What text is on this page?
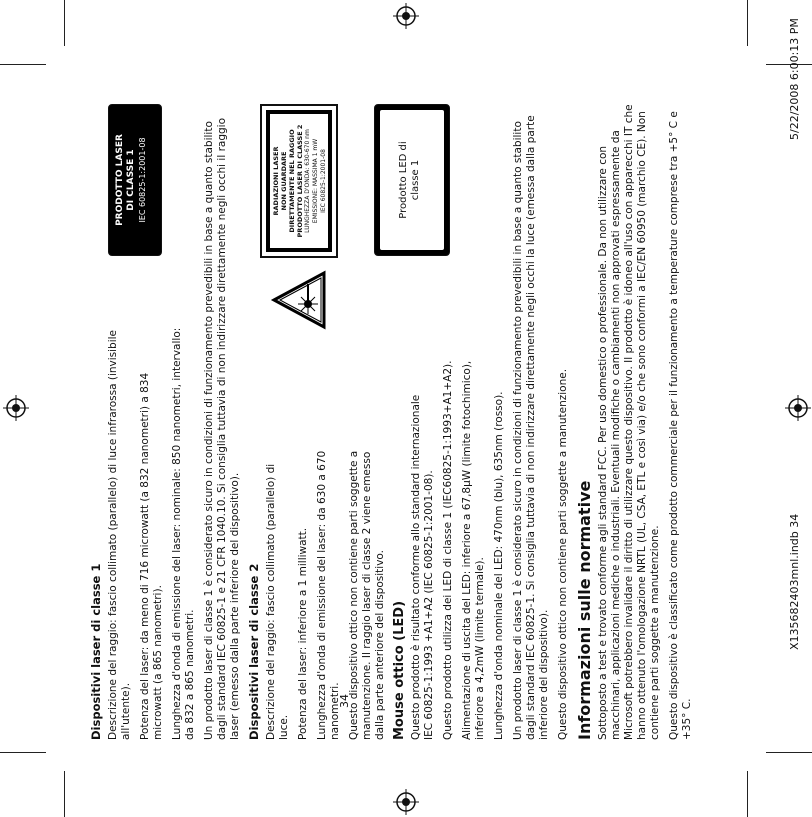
34
Dispositivi laser di classe 1 Descrizione del raggio: fascio collimato (parallelo) di luce infrarossa (invisibile all'utente). Potenza del laser: da meno di 716 microwatt (a 832 nanometri) a 834 microwatt (a 865 nanometri). Lunghezza d'onda di emissione del laser: nominale: 850 nanometri, intervallo: da 832 a 865 nanometri. Un prodotto laser di classe 1 è considerato sicuro in condizioni di funzionamento prevedibili in base a quanto stabilito dagli standard IEC 60825-1 e 21 CFR 1040.10. Si consiglia tuttavia di non indirizzare direttamente negli occhi il raggio laser (emesso dalla parte inferiore del dispositivo). Dispositivi laser di classe 2 Descrizione del raggio: fascio collimato (parallelo) di luce. Potenza del laser: inferiore a 1 milliwatt. Lunghezza d'onda di emissione del laser: da 630 a 670 nanometri. Questo dispositivo ottico non contiene parti soggette a manutenzione. Il raggio laser di classe 2 viene emesso dalla parte anteriore del dispositivo. Mouse ottico (LED) Questo prodotto è risultato conforme allo standard internazionale IEC 60825-1:1993 +A1+A2 (IEC 60825-1:2001-08). Questo prodotto utilizza dei LED di classe 1 (IEC60825-1:1993+A1+A2). Alimentazione di uscita del LED: inferiore a 67,8μW (limite fotochimico), inferiore a 4,2mW (limite termale). Lunghezza d'onda nominale del LED: 470nm (blu), 635nm (rosso). Un prodotto laser di classe 1 è considerato sicuro in condizioni di funzionamento prevedibili in base a quanto stabilito dagli standard IEC 60825-1. Si consiglia tuttavia di non indirizzare direttamente negli occhi la luce (emessa dalla parte inferiore del dispositivo). Questo dispositivo ottico non contiene parti soggette a manutenzione. Informazioni sulle normative Sottoposto a test e trovato conforme agli standard FCC. Per uso domestico o professionale. Da non utilizzare con macchinari, applicazioni mediche o industriali. Eventuali modifiche o cambiamenti non approvati espressamente da Microsoft potrebbero invalidare il diritto di utilizzare questo dispositivo. Il prodotto è idoneo all'uso con apparecchi IT che hanno ottenuto l'omologazione NRTL (UL, CSA, ETL e così via) e/o che sono conformi a IEC/EN 60950 (marchio CE). Non contiene parti soggette a manutenzione. Questo dispositivo è classificato come prodotto commerciale per il funzionamento a temperature comprese tra +5° C e +35° C.

PRODOTTO LASER DI CLASSE 1 IEC 60825-1:2001-08	RADIAZIONI LASER NON GUARDARE DIRETTAMENTE NEL RAGGIO PRODOTTO LASER DI CLASSE 2 LUNGHEZZA D'ONDA: 630-670 nm EMISSIONE: MASSIMA 1 mW IEC 60825-1:2001-08	Prodotto LED di classe 1
X135682403mnl.indb 34
5/22/2008 6:00:13 PM
